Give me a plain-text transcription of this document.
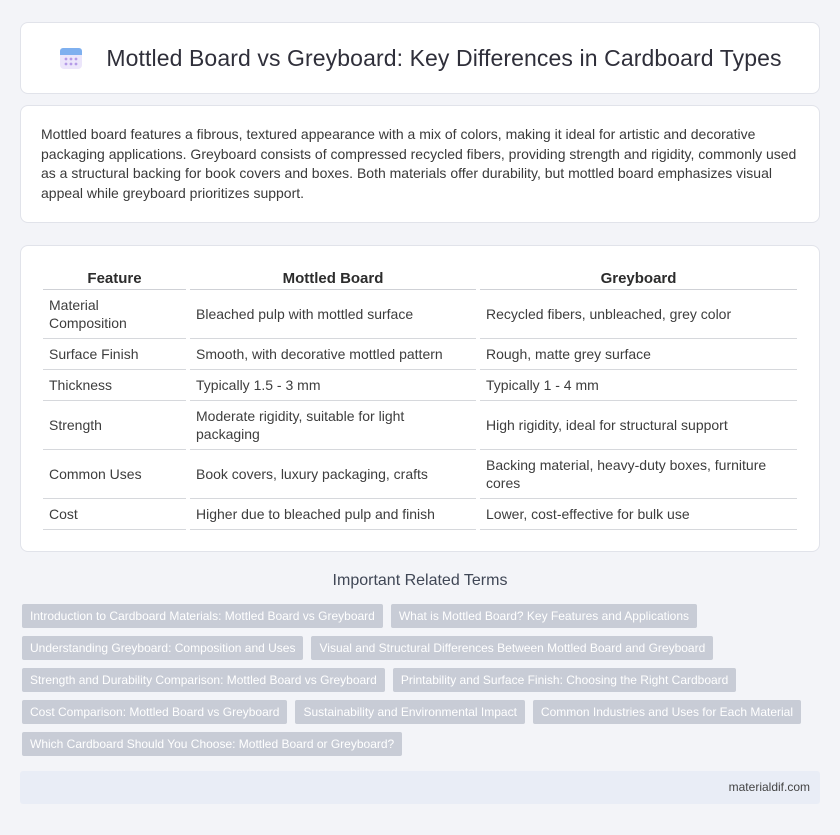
Mottled Board vs Greyboard: Key Differences in Cardboard Types

Mottled board features a fibrous, textured appearance with a mix of colors, making it ideal for artistic and decorative packaging applications. Greyboard consists of compressed recycled fibers, providing strength and rigidity, commonly used as a structural backing for book covers and boxes. Both materials offer durability, but mottled board emphasizes visual appeal while greyboard prioritizes support.

Feature	Mottled Board	Greyboard
Material Composition	Bleached pulp with mottled surface	Recycled fibers, unbleached, grey color
Surface Finish	Smooth, with decorative mottled pattern	Rough, matte grey surface
Thickness	Typically 1.5 - 3 mm	Typically 1 - 4 mm
Strength	Moderate rigidity, suitable for light packaging	High rigidity, ideal for structural support
Common Uses	Book covers, luxury packaging, crafts	Backing material, heavy-duty boxes, furniture cores
Cost	Higher due to bleached pulp and finish	Lower, cost-effective for bulk use
Important Related Terms
Introduction to Cardboard Materials: Mottled Board vs Greyboard	What is Mottled Board? Key Features and Applications
Understanding Greyboard: Composition and Uses	Visual and Structural Differences Between Mottled Board and Greyboard
Strength and Durability Comparison: Mottled Board vs Greyboard	Printability and Surface Finish: Choosing the Right Cardboard
Cost Comparison: Mottled Board vs Greyboard	Sustainability and Environmental Impact	Common Industries and Uses for Each Material
Which Cardboard Should You Choose: Mottled Board or Greyboard?
materialdif.com
